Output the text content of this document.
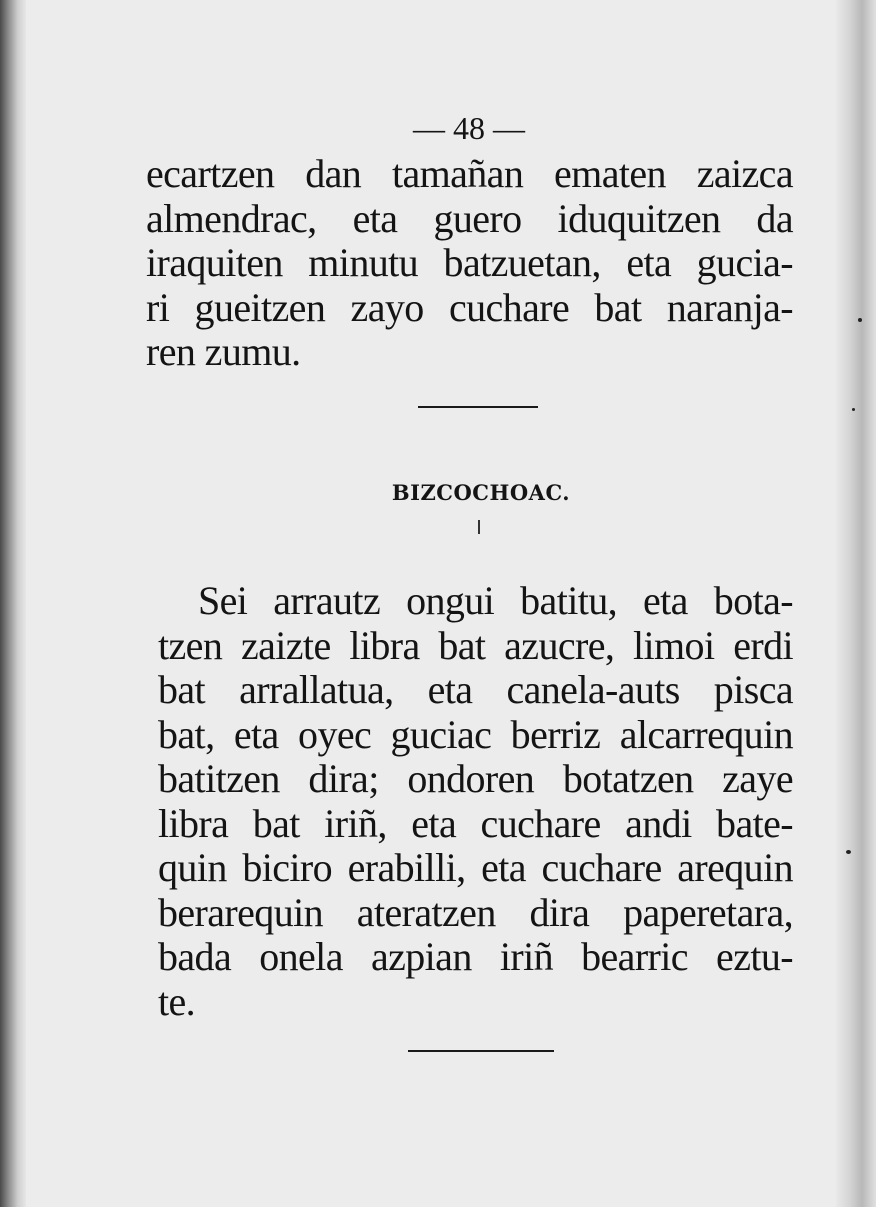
— 48 —
ecartzen dan tamañan ematen zaizca
almendrac, eta guero iduquitzen da
iraquiten minutu batzuetan, eta gucia-
ri gueitzen zayo cuchare bat naranja-
ren zumu.
BIZCOCHOAC.
Sei arrautz ongui batitu, eta bota-
tzen zaizte libra bat azucre, limoi erdi
bat arrallatua, eta canela-auts pisca
bat, eta oyec guciac berriz alcarrequin
batitzen dira; ondoren botatzen zaye
libra bat iriñ, eta cuchare andi bate-
quin biciro erabilli, eta cuchare arequin
berarequin ateratzen dira paperetara,
bada onela azpian iriñ bearric eztu-
te.
